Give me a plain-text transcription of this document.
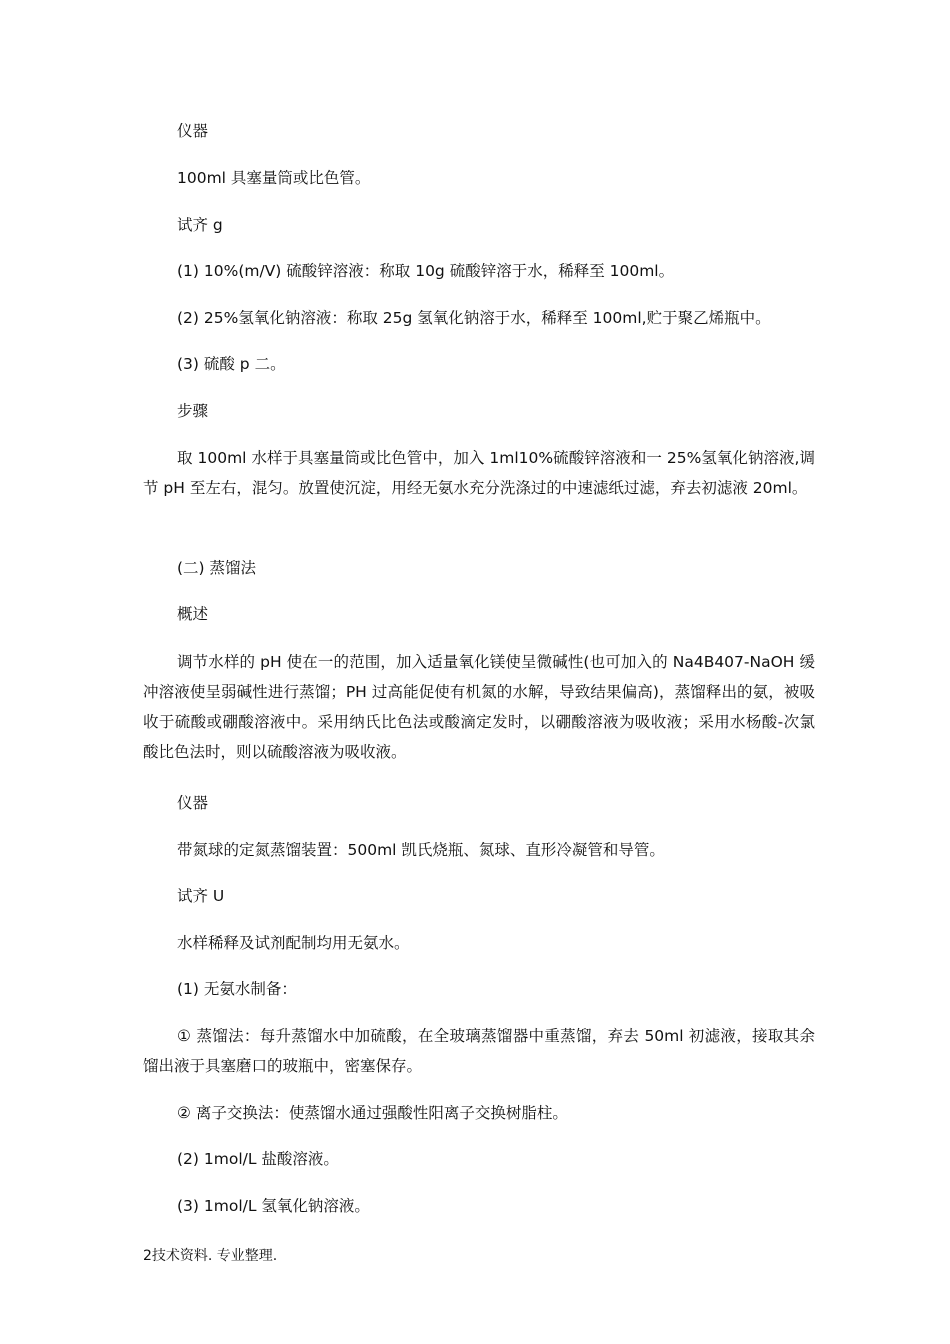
仪器
100ml 具塞量筒或比色管。
试齐 g
(1) 10%(m/V) 硫酸锌溶液：称取 10g 硫酸锌溶于水，稀释至 100ml。
(2) 25%氢氧化钠溶液：称取 25g 氢氧化钠溶于水，稀释至 100ml,贮于聚乙烯瓶中。
(3) 硫酸 p 二。
步骤
取 100ml 水样于具塞量筒或比色管中，加入 1ml10%硫酸锌溶液和一 25%氢氧化钠溶液,调节 pH 至左右，混匀。放置使沉淀，用经无氨水充分洗涤过的中速滤纸过滤，弃去初滤液 20ml。
(二) 蒸馏法
概述
调节水样的 pH 使在一的范围，加入适量氧化镁使呈微碱性(也可加入的 Na4B407-NaOH 缓冲溶液使呈弱碱性进行蒸馏；PH 过高能促使有机氮的水解，导致结果偏高)，蒸馏释出的氨，被吸收于硫酸或硼酸溶液中。采用纳氏比色法或酸滴定发时，以硼酸溶液为吸收液；采用水杨酸-次氯酸比色法时，则以硫酸溶液为吸收液。
仪器
带氮球的定氮蒸馏装置：500ml 凯氏烧瓶、氮球、直形冷凝管和导管。
试齐 U
水样稀释及试剂配制均用无氨水。
(1) 无氨水制备：
① 蒸馏法：每升蒸馏水中加硫酸，在全玻璃蒸馏器中重蒸馏，弃去 50ml 初滤液，接取其余馏出液于具塞磨口的玻瓶中，密塞保存。
② 离子交换法：使蒸馏水通过强酸性阳离子交换树脂柱。
(2) 1mol/L 盐酸溶液。
(3) 1mol/L 氢氧化钠溶液。
2技术资料. 专业整理.
